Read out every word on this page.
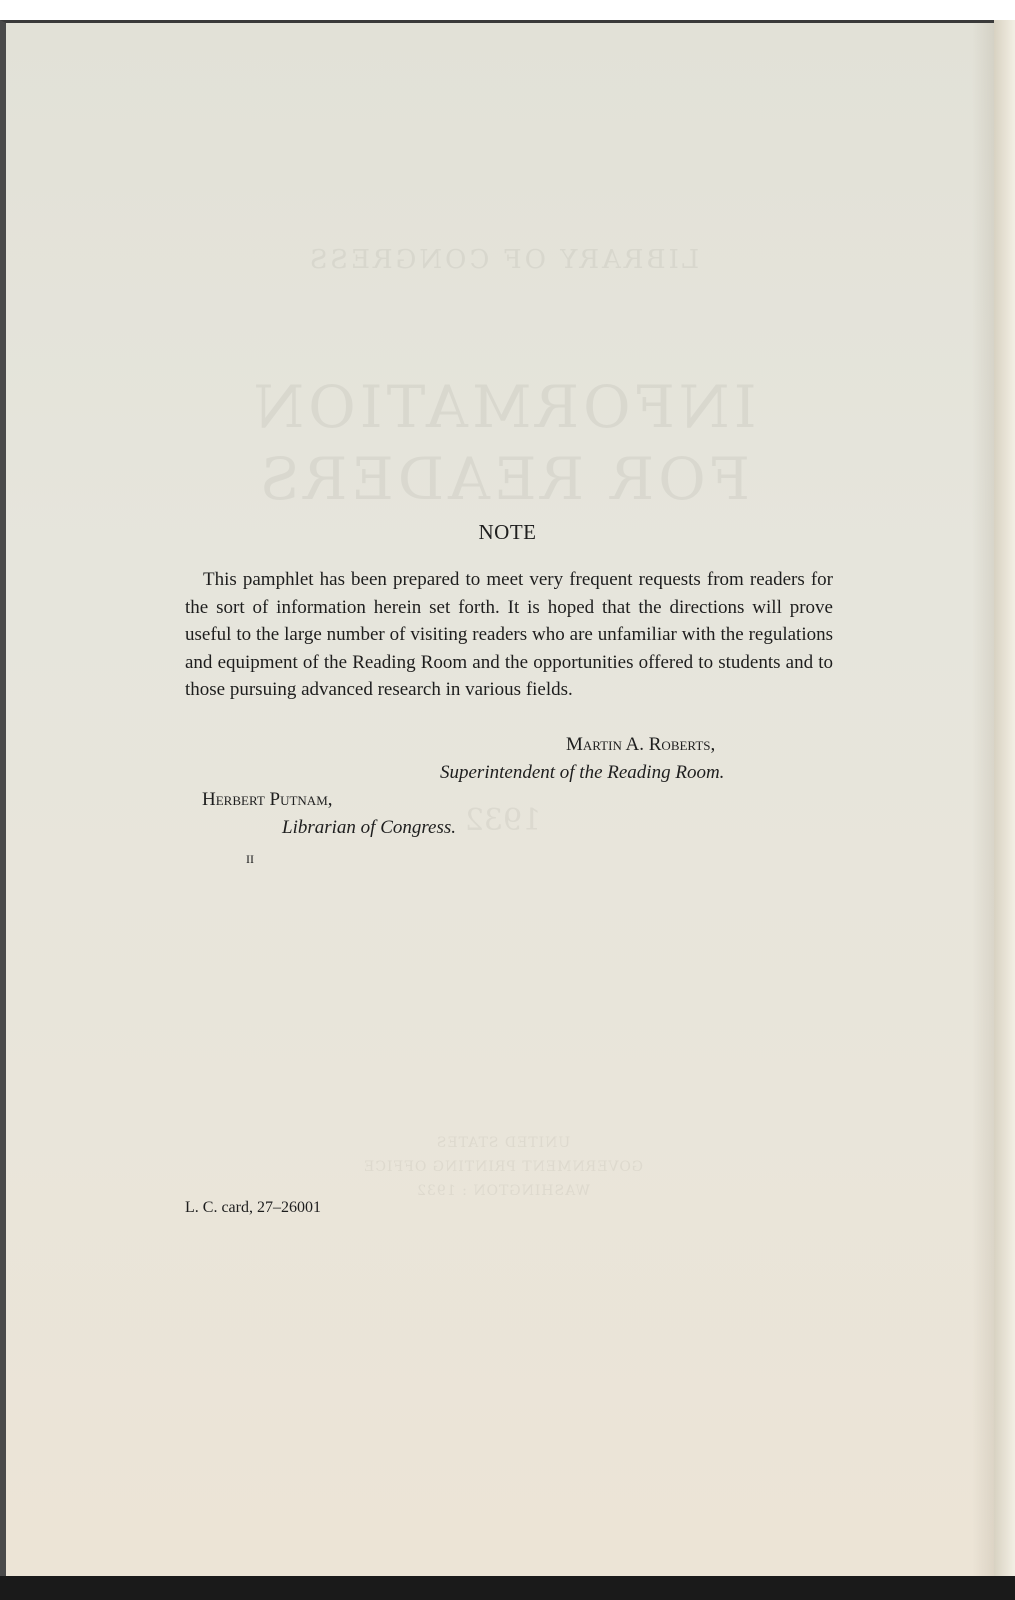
LIBRARY OF CONGRESS
INFORMATION
FOR READERS
1932
UNITED STATES
GOVERNMENT PRINTING OFFICE
WASHINGTON : 1932
NOTE
This pamphlet has been prepared to meet very frequent requests from readers for the sort of information herein set forth. It is hoped that the directions will prove useful to the large number of visiting readers who are unfamiliar with the regulations and equipment of the Reading Room and the opportunities offered to students and to those pursuing advanced research in various fields.
Martin A. Roberts,
Superintendent of the Reading Room.
Herbert Putnam,
Librarian of Congress.
II
L. C. card, 27–26001
